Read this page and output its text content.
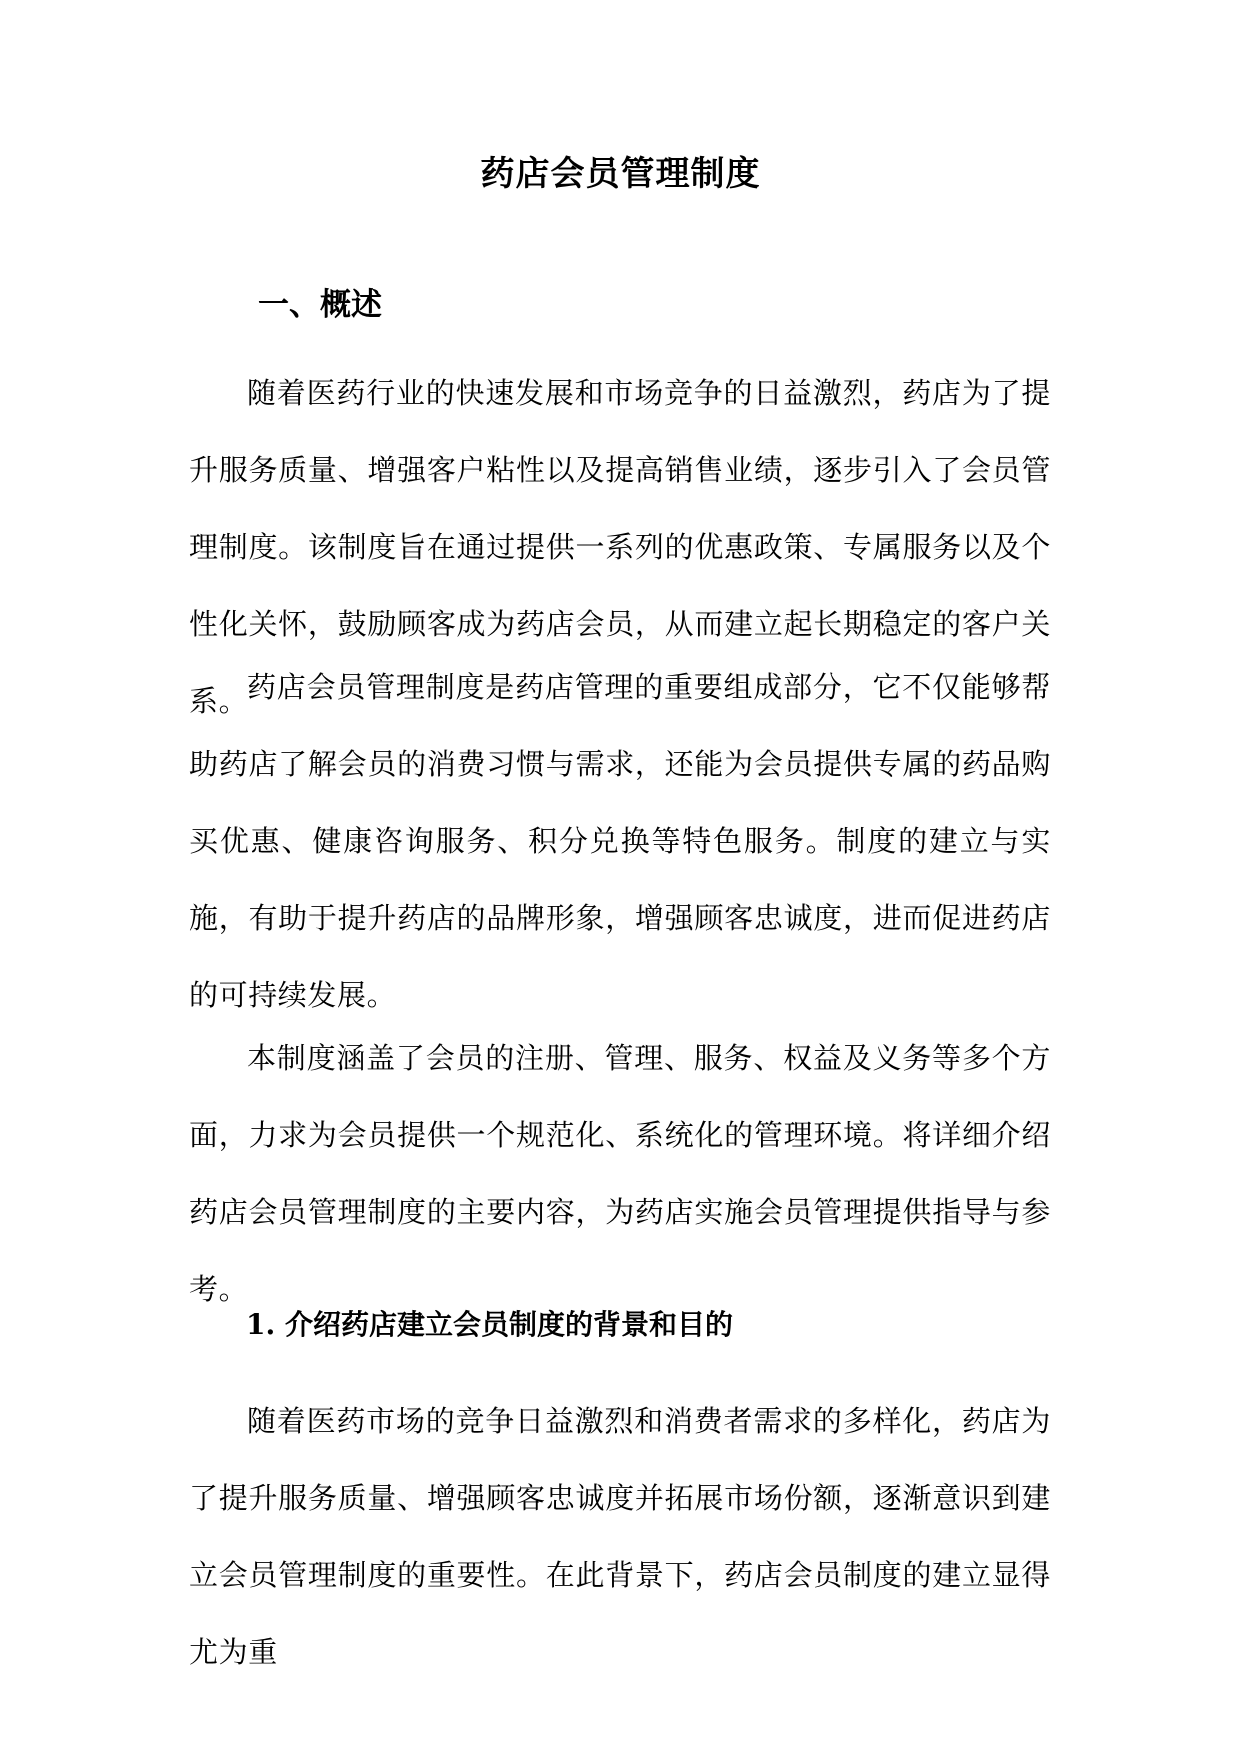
药店会员管理制度
一、概述

随着医药行业的快速发展和市场竞争的日益激烈，药店为了提升服务质量、增强客户粘性以及提高销售业绩，逐步引入了会员管理制度。该制度旨在通过提供一系列的优惠政策、专属服务以及个性化关怀，鼓励顾客成为药店会员，从而建立起长期稳定的客户关系。

药店会员管理制度是药店管理的重要组成部分，它不仅能够帮助药店了解会员的消费习惯与需求，还能为会员提供专属的药品购买优惠、健康咨询服务、积分兑换等特色服务。制度的建立与实施，有助于提升药店的品牌形象，增强顾客忠诚度，进而促进药店的可持续发展。

本制度涵盖了会员的注册、管理、服务、权益及义务等多个方面，力求为会员提供一个规范化、系统化的管理环境。将详细介绍药店会员管理制度的主要内容，为药店实施会员管理提供指导与参考。

1. 介绍药店建立会员制度的背景和目的

随着医药市场的竞争日益激烈和消费者需求的多样化，药店为了提升服务质量、增强顾客忠诚度并拓展市场份额，逐渐意识到建立会员管理制度的重要性。在此背景下，药店会员制度的建立显得尤为重
